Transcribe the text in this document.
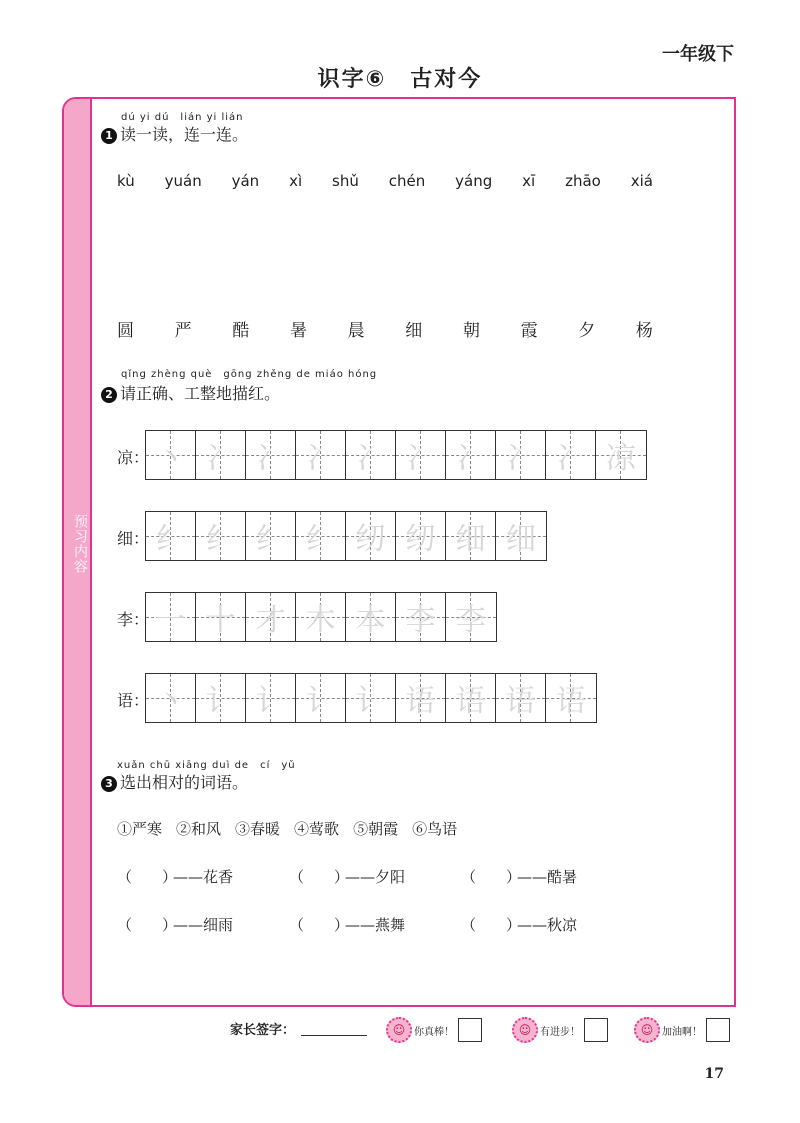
一年级下
识字⑥　古对今
预习内容
dú yi dú　lián yi lián
1 读一读，连一连。
kù yuán yán xì shǔ chén yáng xī zhāo xiá
圆 严 酷 暑 晨 细 朝 霞 夕 杨
qǐng zhèng què　gōng zhěng de miáo hóng
2 请正确、工整地描红。
凉： 丶 冫 冫 冫 冫 冫 冫 冫 冫 凉
细： 纟 纟 纟 纟 纫 纫 细 细
李： 一 十 才 木 本 李 李
语： 丶 讠 讠 讠 讠 语 语 语 语
xuǎn chū xiāng duì de　cí　yǔ
3 选出相对的词语。
①严寒 ②和风 ③春暖 ④莺歌 ⑤朝霞 ⑥鸟语
（ ）——花香	（ ）——夕阳	（ ）——酷暑
（ ）——细雨	（ ）——燕舞	（ ）——秋凉
家长签字：	☺ 你真棒！	☺ 有进步！	☺ 加油啊！
17
